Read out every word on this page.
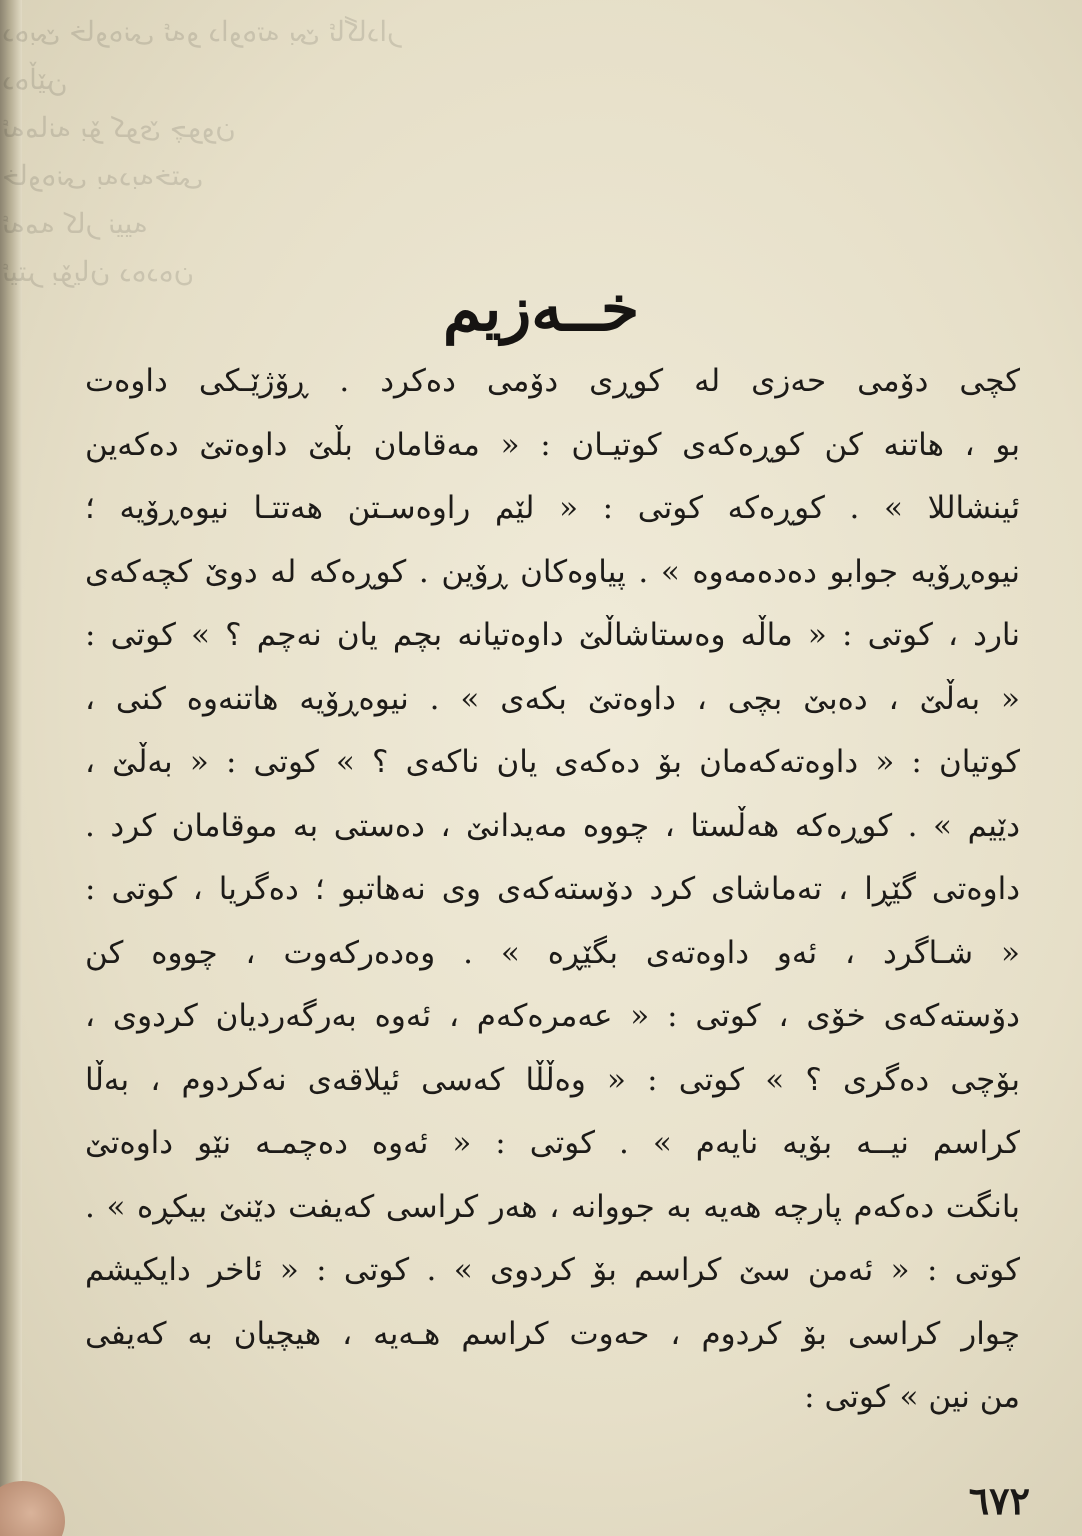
دەبێ خاوەنی ئەو داوەتە بێ ئاگادار
دەڵێن
ئەمانە بۆ کوێ چوون
خاوەنی بەدبەختی
ئەمە کار نییە
ئیتر بۆیان دەدەن
خــەزیم
کچی دۆمی حەزی لە کوڕی دۆمی دەکرد . ڕۆژێـکی داوەت
بو ، هاتنە کن کوڕەکەی کوتیـان : « مەقامان بڵێ داوەتێ دەکەین
ئینشاللا » . کوڕەکە کوتی : « لێم راوەسـتن هەتتـا نیوەڕۆیە ؛
نیوەڕۆیە جوابو دەدەمەوە » . پیاوەکان ڕۆین . کوڕەکە لە دوێ کچەکەی
نارد ، کوتی : « ماڵە وەستاشاڵێ داوەتیانە بچم یان نەچم ؟ » کوتی :
« بەڵێ ، دەبێ بچی ، داوەتێ بکەی » . نیوەڕۆیە هاتنەوە کنی ،
کوتیان : « داوەتەکەمان بۆ دەکەی یان ناکەی ؟ » کوتی : « بەڵێ ،
دێیم » . کوڕەکە هەڵستا ، چووە مەیدانێ ، دەستی بە موقامان کرد .
داوەتی گێڕا ، تەماشای کرد دۆستەکەی وی نەهاتبو ؛ دەگریا ، کوتی :
« شـاگرد ، ئەو داوەتەی بگێڕە » . وەدەرکەوت ، چووە کن
دۆستەکەی خۆی ، کوتی : « عەمرەکەم ، ئەوە بەرگەردیان کردوی ،
بۆچی دەگری ؟ » کوتی : « وەڵڵا کەسی ئیلاقەی نەکردوم ، بەڵا
کراسم نیــە بۆیە نایەم » . کوتی : « ئەوە دەچمـە نێو داوەتێ
بانگت دەکەم پارچە هەیە بە جووانە ، هەر کراسی کەیفت دێنێ بیکڕە » .
کوتی : « ئەمن سێ کراسم بۆ کردوی » . کوتی : « ئاخر دایکیشم
چوار کراسی بۆ کردوم ، حەوت کراسم هـەیە ، هیچیان بە کەیفی
من نین » کوتی :
٦٧٢
